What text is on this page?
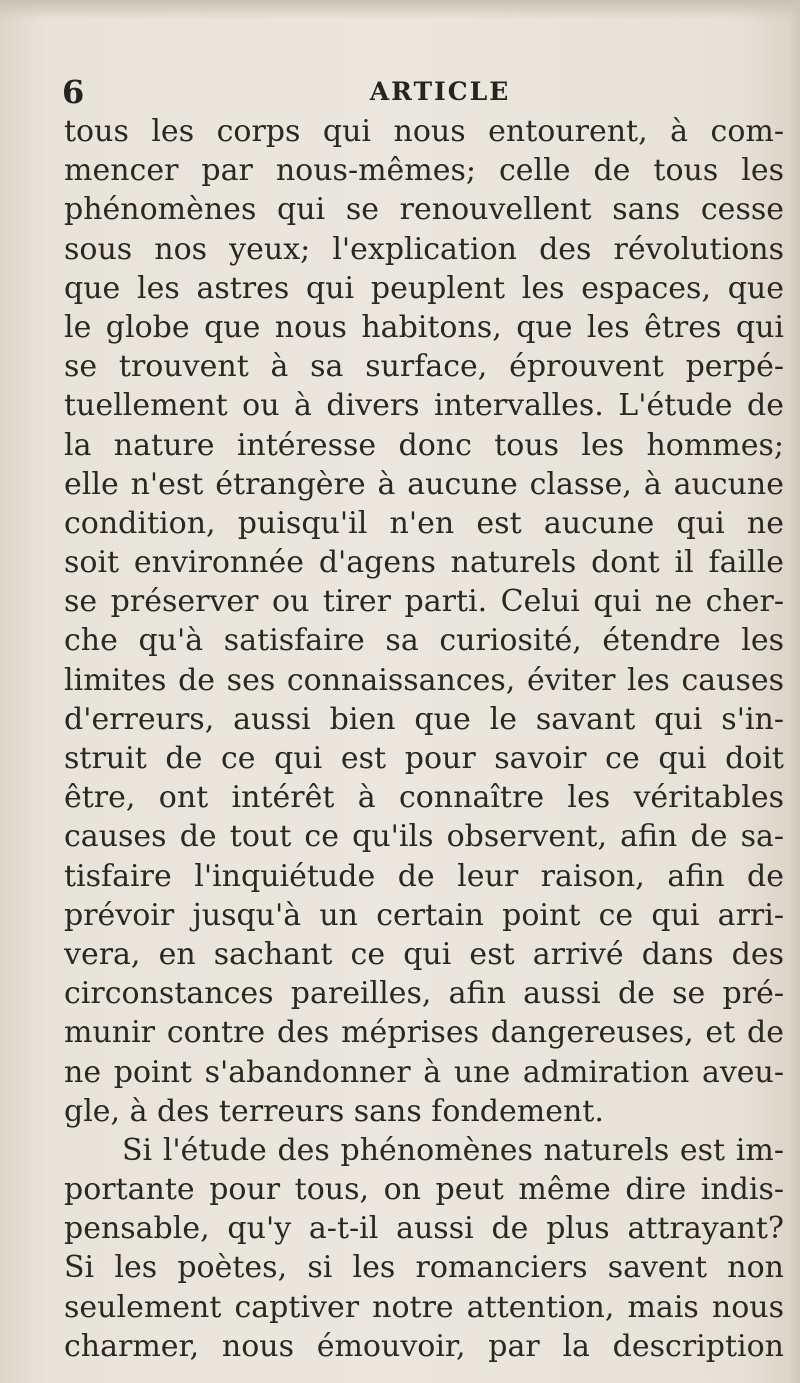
6	ARTICLE
tous les corps qui nous entourent, à com-
mencer par nous-mêmes; celle de tous les
phénomènes qui se renouvellent sans cesse
sous nos yeux; l'explication des révolutions
que les astres qui peuplent les espaces, que
le globe que nous habitons, que les êtres qui
se trouvent à sa surface, éprouvent perpé-
tuellement ou à divers intervalles. L'étude de
la nature intéresse donc tous les hommes;
elle n'est étrangère à aucune classe, à aucune
condition, puisqu'il n'en est aucune qui ne
soit environnée d'agens naturels dont il faille
se préserver ou tirer parti. Celui qui ne cher-
che qu'à satisfaire sa curiosité, étendre les
limites de ses connaissances, éviter les causes
d'erreurs, aussi bien que le savant qui s'in-
struit de ce qui est pour savoir ce qui doit
être, ont intérêt à connaître les véritables
causes de tout ce qu'ils observent, afin de sa-
tisfaire l'inquiétude de leur raison, afin de
prévoir jusqu'à un certain point ce qui arri-
vera, en sachant ce qui est arrivé dans des
circonstances pareilles, afin aussi de se pré-
munir contre des méprises dangereuses, et de
ne point s'abandonner à une admiration aveu-
gle, à des terreurs sans fondement.
Si l'étude des phénomènes naturels est im-
portante pour tous, on peut même dire indis-
pensable, qu'y a-t-il aussi de plus attrayant?
Si les poètes, si les romanciers savent non
seulement captiver notre attention, mais nous
charmer, nous émouvoir, par la description
